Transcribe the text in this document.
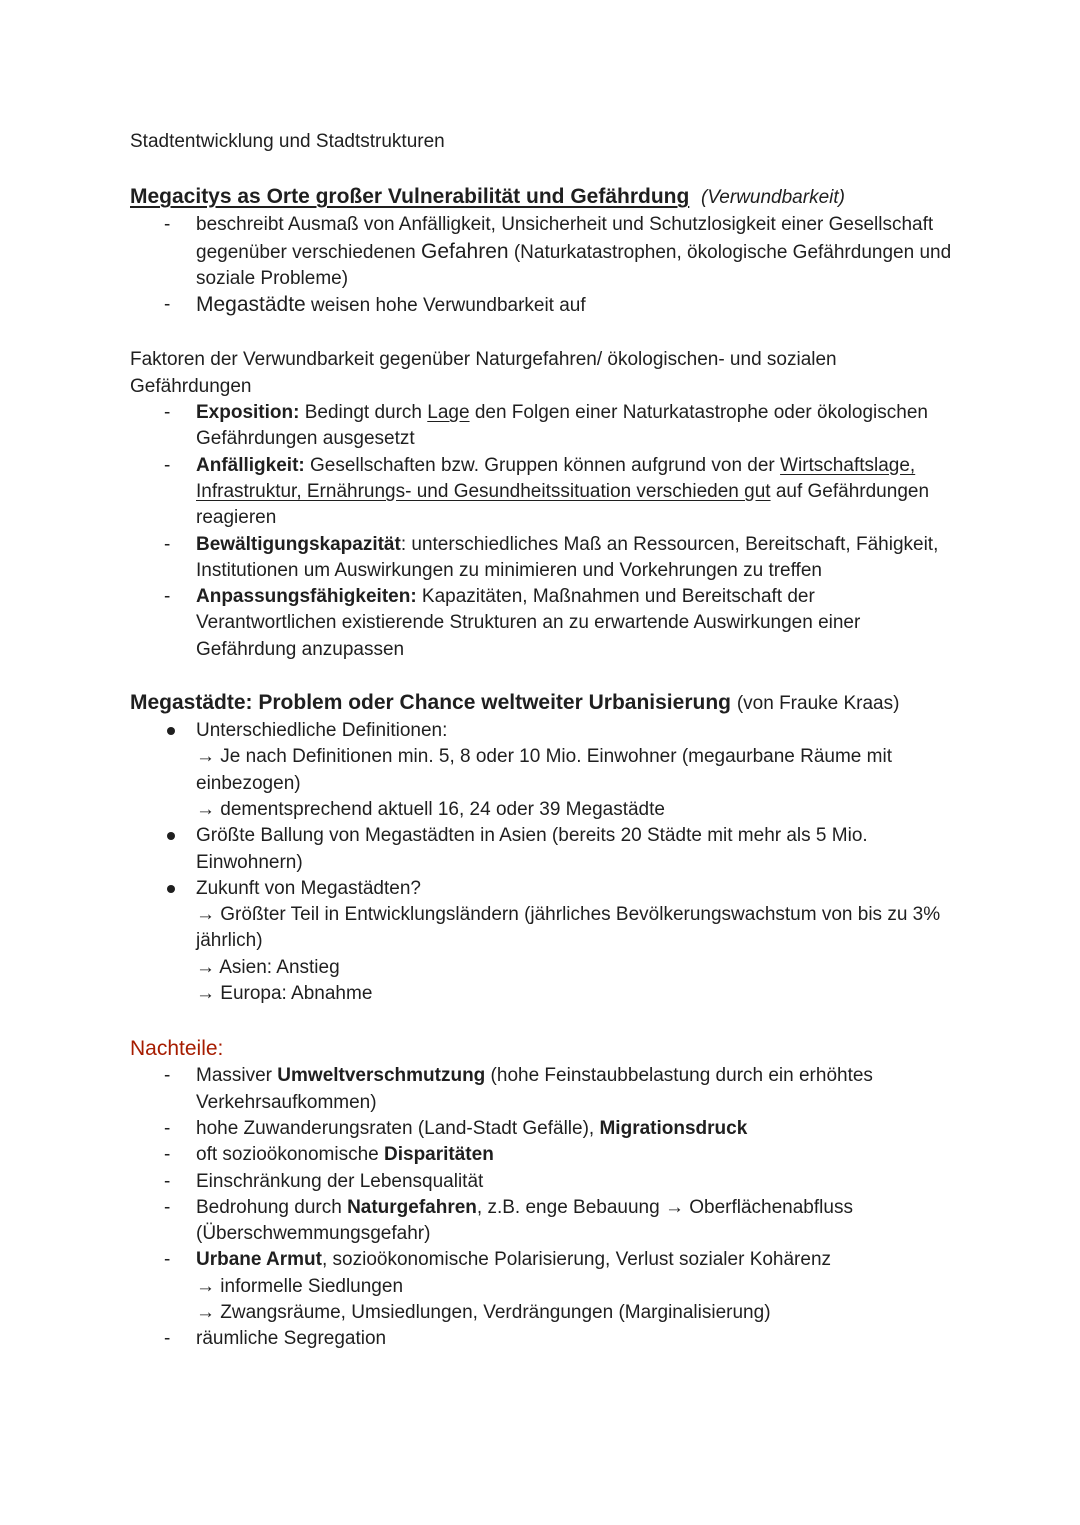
Stadtentwicklung und Stadtstrukturen

Megacitys as Orte großer Vulnerabilität und Gefährdung (Verwundbarkeit)

- beschreibt Ausmaß von Anfälligkeit, Unsicherheit und Schutzlosigkeit einer Gesellschaft gegenüber verschiedenen Gefahren (Naturkatastrophen, ökologische Gefährdungen und soziale Probleme)
- Megastädte weisen hohe Verwundbarkeit auf

Faktoren der Verwundbarkeit gegenüber Naturgefahren/ ökologischen- und sozialen Gefährdungen

- Exposition: Bedingt durch Lage den Folgen einer Naturkatastrophe oder ökologischen Gefährdungen ausgesetzt
- Anfälligkeit: Gesellschaften bzw. Gruppen können aufgrund von der Wirtschaftslage, Infrastruktur, Ernährungs- und Gesundheitssituation verschieden gut auf Gefährdungen reagieren
- Bewältigungskapazität: unterschiedliches Maß an Ressourcen, Bereitschaft, Fähigkeit, Institutionen um Auswirkungen zu minimieren und Vorkehrungen zu treffen
- Anpassungsfähigkeiten: Kapazitäten, Maßnahmen und Bereitschaft der Verantwortlichen existierende Strukturen an zu erwartende Auswirkungen einer Gefährdung anzupassen

Megastädte: Problem oder Chance weltweiter Urbanisierung (von Frauke Kraas)

Unterschiedliche Definitionen:

→ Je nach Definitionen min. 5, 8 oder 10 Mio. Einwohner (megaurbane Räume mit einbezogen)

→ dementsprechend aktuell 16, 24 oder 39 Megastädte

Größte Ballung von Megastädten in Asien (bereits 20 Städte mit mehr als 5 Mio. Einwohnern)

Zukunft von Megastädten?

→ Größter Teil in Entwicklungsländern (jährliches Bevölkerungswachstum von bis zu 3% jährlich)

→ Asien: Anstieg

→ Europa: Abnahme

Nachteile:

- Massiver Umweltverschmutzung (hohe Feinstaubbelastung durch ein erhöhtes Verkehrsaufkommen)
- hohe Zuwanderungsraten (Land-Stadt Gefälle), Migrationsdruck
- oft sozioökonomische Disparitäten
- Einschränkung der Lebensqualität
- Bedrohung durch Naturgefahren, z.B. enge Bebauung → Oberflächenabfluss (Überschwemmungsgefahr)
- Urbane Armut, sozioökonomische Polarisierung, Verlust sozialer Kohärenz

→ informelle Siedlungen

→ Zwangsräume, Umsiedlungen, Verdrängungen (Marginalisierung)

- räumliche Segregation
